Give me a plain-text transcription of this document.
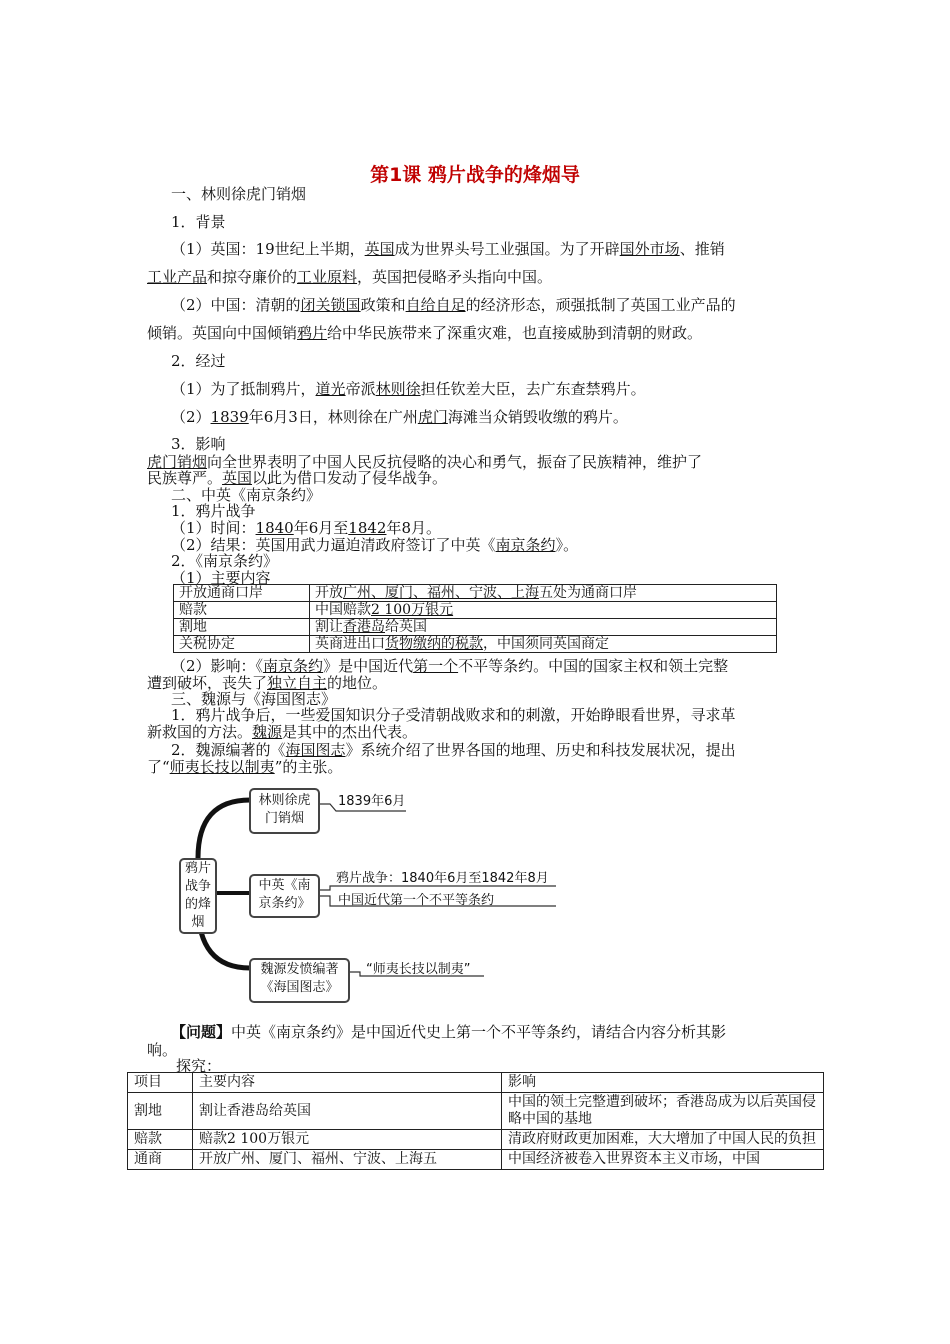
第1课 鸦片战争的烽烟导
一、林则徐虎门销烟
1．背景
（1）英国：19世纪上半期，英国成为世界头号工业强国。为了开辟国外市场、推销
工业产品和掠夺廉价的工业原料，英国把侵略矛头指向中国。
（2）中国：清朝的闭关锁国政策和自给自足的经济形态，顽强抵制了英国工业产品的
倾销。英国向中国倾销鸦片给中华民族带来了深重灾难，也直接威胁到清朝的财政。
2．经过
（1）为了抵制鸦片，道光帝派林则徐担任钦差大臣，去广东查禁鸦片。
（2）1839年6月3日，林则徐在广州虎门海滩当众销毁收缴的鸦片。
3．影响
虎门销烟向全世界表明了中国人民反抗侵略的决心和勇气，振奋了民族精神，维护了
民族尊严。英国以此为借口发动了侵华战争。
二、中英《南京条约》
1．鸦片战争
（1）时间：1840年6月至1842年8月。
（2）结果：英国用武力逼迫清政府签订了中英《南京条约》。
2．《南京条约》
（1）主要内容
开放通商口岸	开放广州、厦门、福州、宁波、上海五处为通商口岸
赔款	中国赔款2 100万银元
割地	割让香港岛给英国
关税协定	英商进出口货物缴纳的税款，中国须同英国商定
（2）影响：《南京条约》是中国近代第一个不平等条约。中国的国家主权和领土完整
遭到破坏，丧失了独立自主的地位。
三、魏源与《海国图志》
1．鸦片战争后，一些爱国知识分子受清朝战败求和的刺激，开始睁眼看世界，寻求革
新救国的方法。魏源是其中的杰出代表。
2．魏源编著的《海国图志》系统介绍了世界各国的地理、历史和科技发展状况，提出
了“师夷长技以制夷”的主张。
鸦片
战争
的烽
烟
林则徐虎
门销烟
中英《南
京条约》
魏源发愤编著
《海国图志》
1839年6月
鸦片战争：1840年6月至1842年8月
中国近代第一个不平等条约
“师夷长技以制夷”
【问题】中英《南京条约》是中国近代史上第一个不平等条约，请结合内容分析其影
响。
探究：
项目	主要内容	影响
割地	割让香港岛给英国	中国的领土完整遭到破坏；香港岛成为以后英国侵略中国的基地
赔款	赔款2 100万银元	清政府财政更加困难，大大增加了中国人民的负担
通商	开放广州、厦门、福州、宁波、上海五	中国经济被卷入世界资本主义市场，中国
